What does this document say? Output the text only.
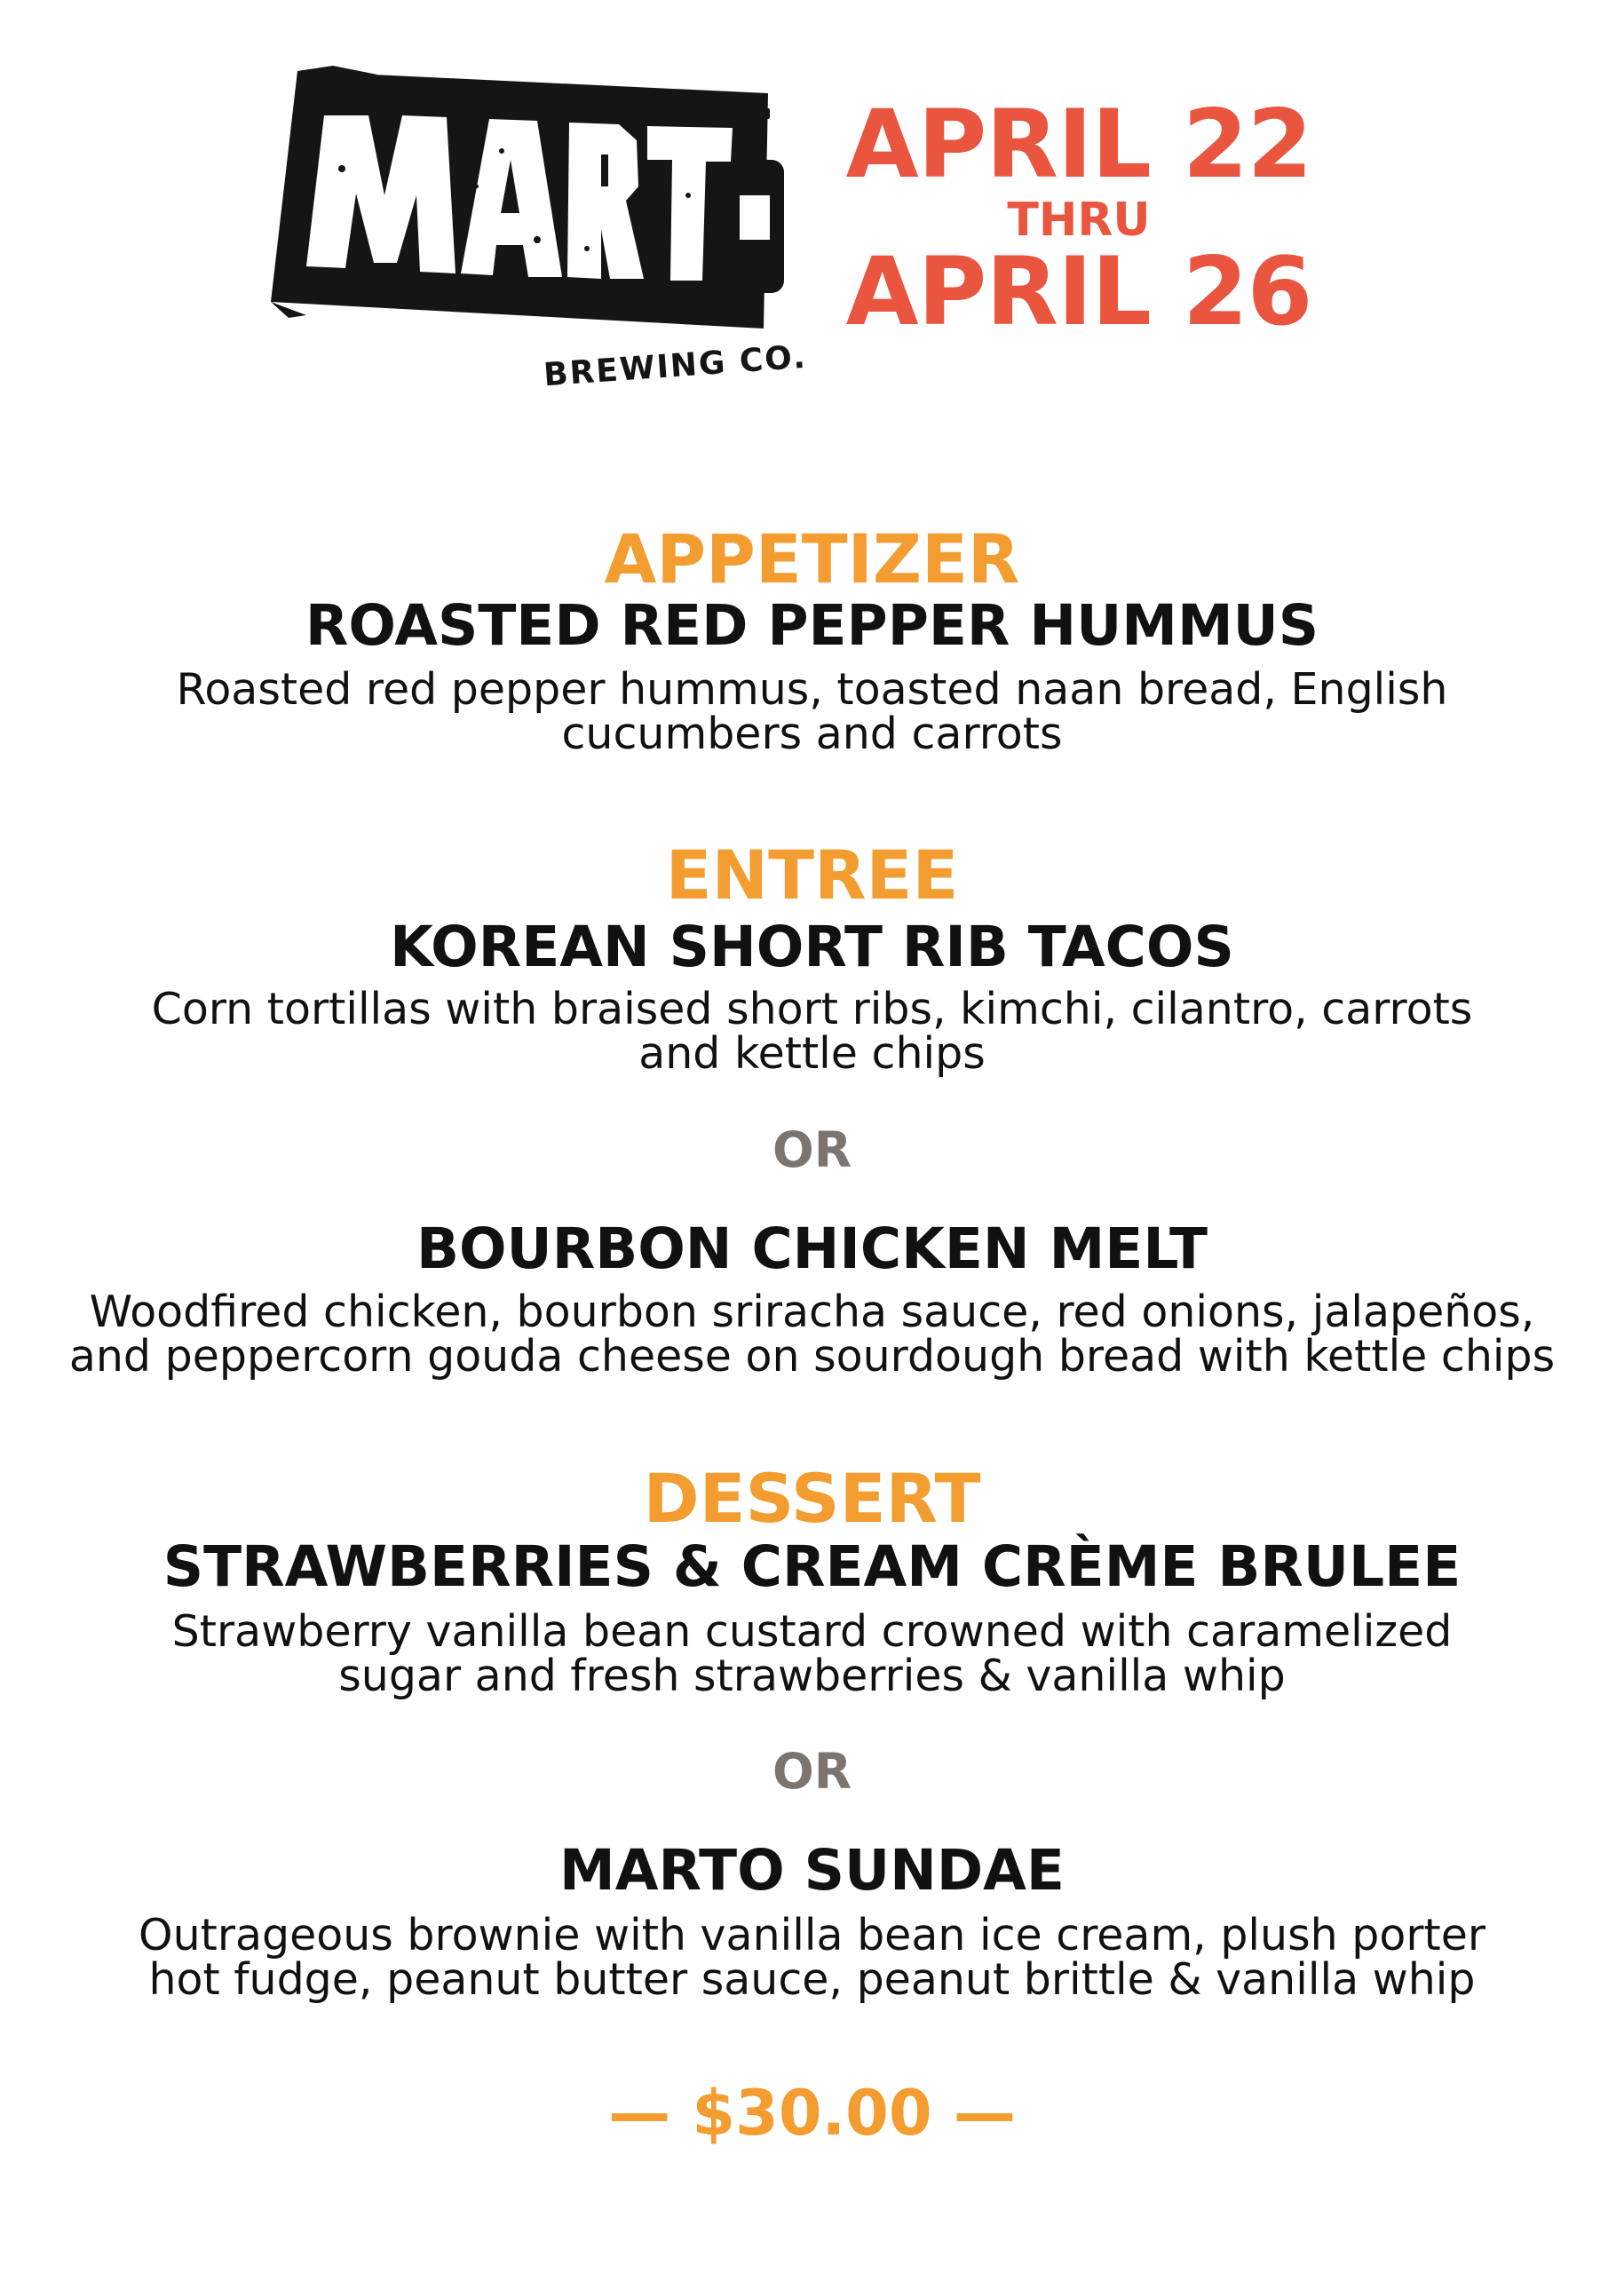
APRIL 22
THRU
APRIL 26
APPETIZER
ROASTED RED PEPPER HUMMUS
Roasted red pepper hummus, toasted naan bread, English
cucumbers and carrots
ENTREE
KOREAN SHORT RIB TACOS
Corn tortillas with braised short ribs, kimchi, cilantro, carrots
and kettle chips
OR
BOURBON CHICKEN MELT
Woodfired chicken, bourbon sriracha sauce, red onions, jalapeños,
and peppercorn gouda cheese on sourdough bread with kettle chips
DESSERT
STRAWBERRIES & CREAM CRÈME BRULEE
Strawberry vanilla bean custard crowned with caramelized
sugar and fresh strawberries & vanilla whip
OR
MARTO SUNDAE
Outrageous brownie with vanilla bean ice cream, plush porter
hot fudge, peanut butter sauce, peanut brittle & vanilla whip
— $30.00 —
BREWING CO.
